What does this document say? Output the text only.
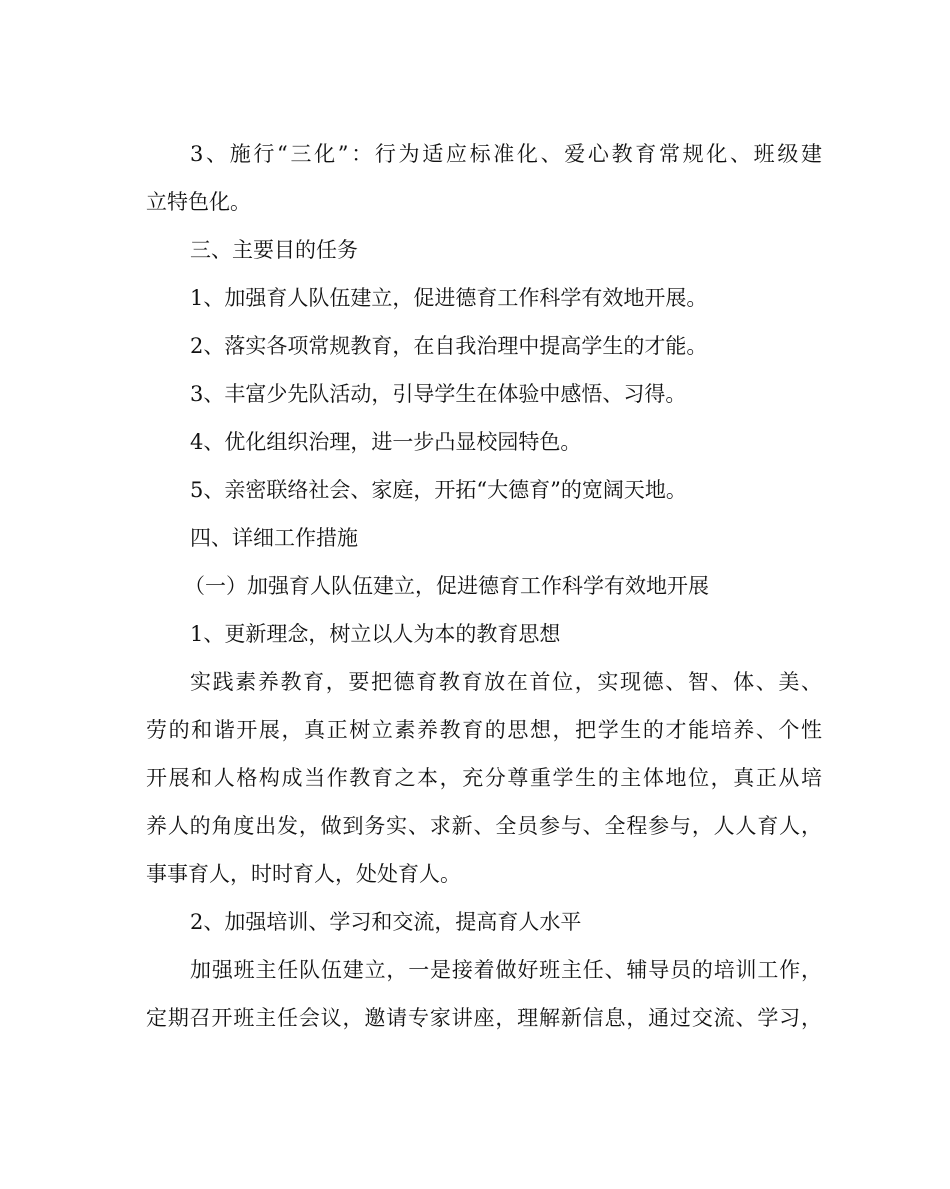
3、施行“三化”：行为适应标准化、爱心教育常规化、班级建
立特色化。
三、主要目的任务
1、加强育人队伍建立，促进德育工作科学有效地开展。
2、落实各项常规教育，在自我治理中提高学生的才能。
3、丰富少先队活动，引导学生在体验中感悟、习得。
4、优化组织治理，进一步凸显校园特色。
5、亲密联络社会、家庭，开拓“大德育”的宽阔天地。
四、详细工作措施
（一）加强育人队伍建立，促进德育工作科学有效地开展
1、更新理念，树立以人为本的教育思想
实践素养教育，要把德育教育放在首位，实现德、智、体、美、
劳的和谐开展，真正树立素养教育的思想，把学生的才能培养、个性
开展和人格构成当作教育之本，充分尊重学生的主体地位，真正从培
养人的角度出发，做到务实、求新、全员参与、全程参与，人人育人，
事事育人，时时育人，处处育人。
2、加强培训、学习和交流，提高育人水平
加强班主任队伍建立，一是接着做好班主任、辅导员的培训工作，
定期召开班主任会议，邀请专家讲座，理解新信息，通过交流、学习，
